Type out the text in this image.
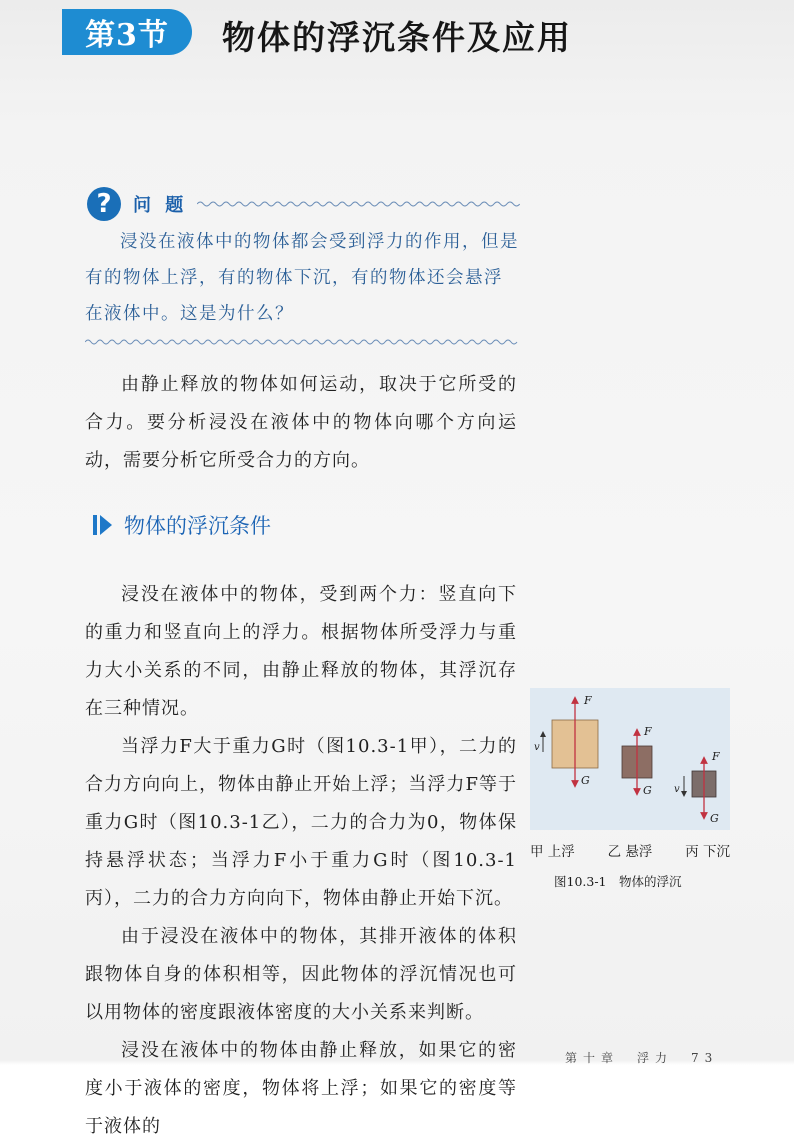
第3节	物体的浮沉条件及应用
?	问 题

浸没在液体中的物体都会受到浮力的作用，但是有的物体上浮，有的物体下沉，有的物体还会悬浮在液体中。这是为什么？

由静止释放的物体如何运动，取决于它所受的合力。要分析浸没在液体中的物体向哪个方向运动，需要分析它所受合力的方向。

物体的浮沉条件

浸没在液体中的物体，受到两个力：竖直向下的重力和竖直向上的浮力。根据物体所受浮力与重力大小关系的不同，由静止释放的物体，其浮沉存在三种情况。

当浮力F大于重力G时（图10.3-1甲），二力的合力方向向上，物体由静止开始上浮；当浮力F等于重力G时（图10.3-1乙），二力的合力为0，物体保持悬浮状态；当浮力F小于重力G时（图10.3-1丙），二力的合力方向向下，物体由静止开始下沉。

由于浸没在液体中的物体，其排开液体的体积跟物体自身的体积相等，因此物体的浮沉情况也可以用物体的密度跟液体密度的大小关系来判断。

浸没在液体中的物体由静止释放，如果它的密度小于液体的密度，物体将上浮；如果它的密度等于液体的

F
G
v
F
G
F
G
v
甲 上浮 乙 悬浮 丙 下沉
图10.3-1　物体的浮沉
第十章　浮力　73
